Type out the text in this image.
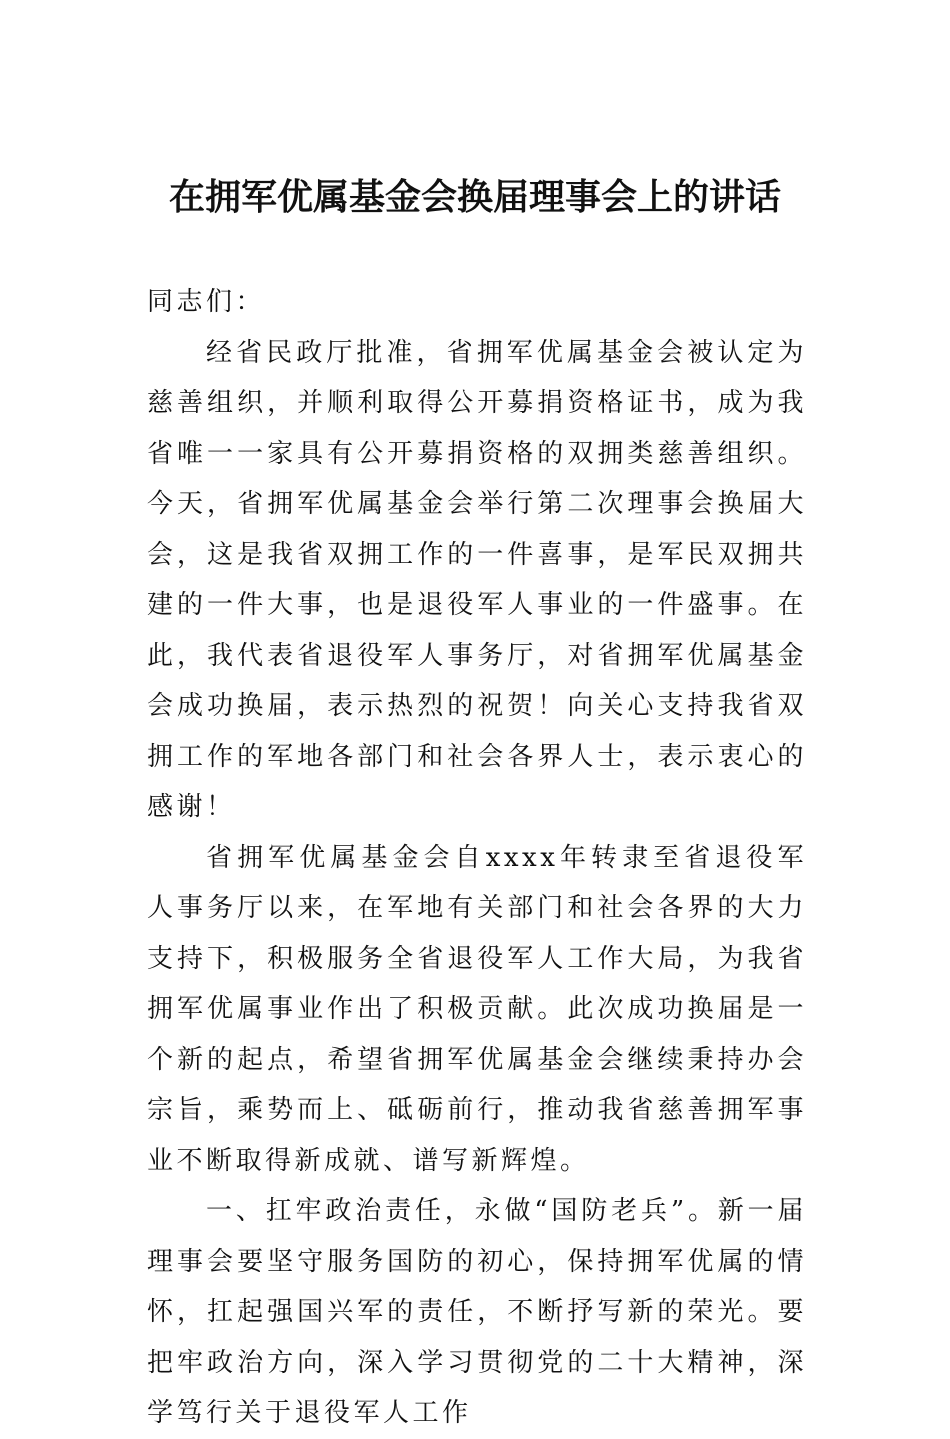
在拥军优属基金会换届理事会上的讲话

同志们：

经省民政厅批准，省拥军优属基金会被认定为慈善组织，并顺利取得公开募捐资格证书，成为我省唯一一家具有公开募捐资格的双拥类慈善组织。今天，省拥军优属基金会举行第二次理事会换届大会，这是我省双拥工作的一件喜事，是军民双拥共建的一件大事，也是退役军人事业的一件盛事。在此，我代表省退役军人事务厅，对省拥军优属基金会成功换届，表示热烈的祝贺！向关心支持我省双拥工作的军地各部门和社会各界人士，表示衷心的感谢！

省拥军优属基金会自xxxx年转隶至省退役军人事务厅以来，在军地有关部门和社会各界的大力支持下，积极服务全省退役军人工作大局，为我省拥军优属事业作出了积极贡献。此次成功换届是一个新的起点，希望省拥军优属基金会继续秉持办会宗旨，乘势而上、砥砺前行，推动我省慈善拥军事业不断取得新成就、谱写新辉煌。

一、扛牢政治责任，永做“国防老兵”。新一届理事会要坚守服务国防的初心，保持拥军优属的情怀，扛起强国兴军的责任，不断抒写新的荣光。要把牢政治方向，深入学习贯彻党的二十大精神，深学笃行关于退役军人工作
